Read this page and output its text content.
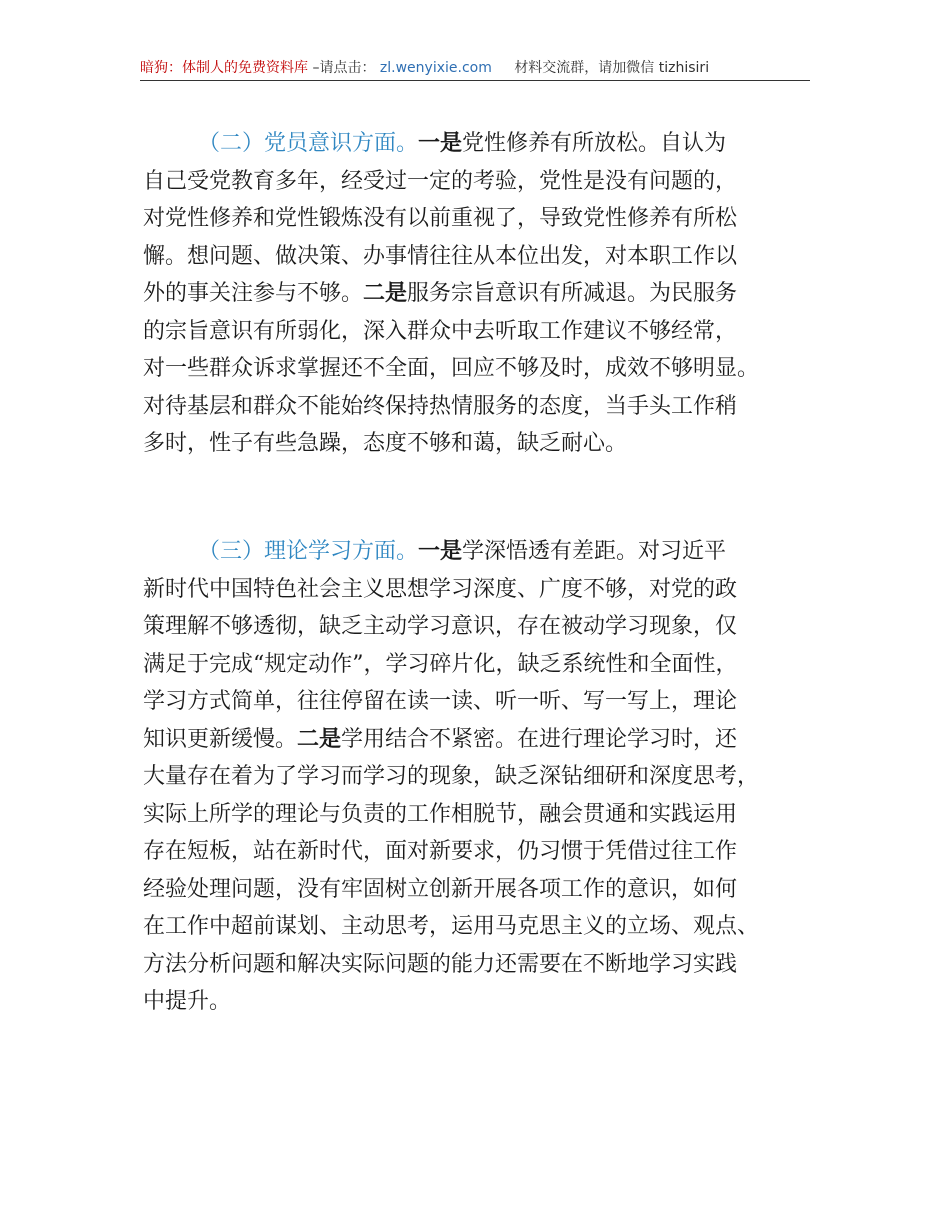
暗狗：体制人的免费资料库 –请点击： zl.wenyixie.com 材料交流群，请加微信 tizhisiri
（二）党员意识方面。一是党性修养有所放松。自认为
自己受党教育多年，经受过一定的考验，党性是没有问题的，
对党性修养和党性锻炼没有以前重视了，导致党性修养有所松
懈。想问题、做决策、办事情往往从本位出发，对本职工作以
外的事关注参与不够。二是服务宗旨意识有所减退。为民服务
的宗旨意识有所弱化，深入群众中去听取工作建议不够经常，
对一些群众诉求掌握还不全面，回应不够及时，成效不够明显。
对待基层和群众不能始终保持热情服务的态度，当手头工作稍
多时，性子有些急躁，态度不够和蔼，缺乏耐心。
（三）理论学习方面。一是学深悟透有差距。对习近平
新时代中国特色社会主义思想学习深度、广度不够，对党的政
策理解不够透彻，缺乏主动学习意识，存在被动学习现象，仅
满足于完成“规定动作”，学习碎片化，缺乏系统性和全面性，
学习方式简单，往往停留在读一读、听一听、写一写上，理论
知识更新缓慢。二是学用结合不紧密。在进行理论学习时，还
大量存在着为了学习而学习的现象，缺乏深钻细研和深度思考，
实际上所学的理论与负责的工作相脱节，融会贯通和实践运用
存在短板，站在新时代，面对新要求，仍习惯于凭借过往工作
经验处理问题，没有牢固树立创新开展各项工作的意识，如何
在工作中超前谋划、主动思考，运用马克思主义的立场、观点、
方法分析问题和解决实际问题的能力还需要在不断地学习实践
中提升。
